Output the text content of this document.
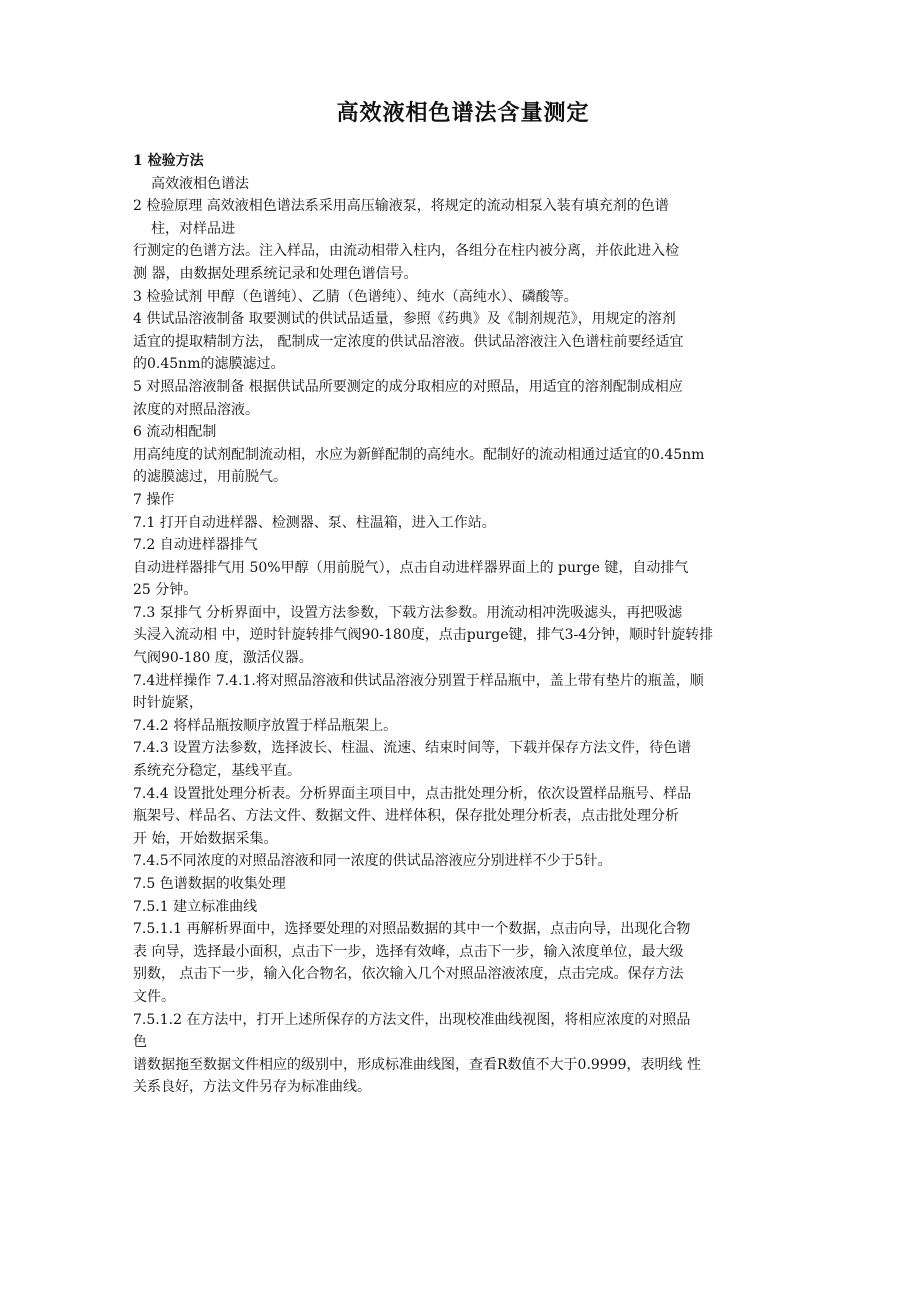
高效液相色谱法含量测定

1 检验方法

高效液相色谱法

2 检验原理 高效液相色谱法系采用高压输液泵，将规定的流动相泵入装有填充剂的色谱

柱，对样品进

行测定的色谱方法。注入样品，由流动相带入柱内，各组分在柱内被分离，并依此进入检

测 器，由数据处理系统记录和处理色谱信号。

3 检验试剂 甲醇（色谱纯）、乙腈（色谱纯）、纯水（高纯水）、磷酸等。

4 供试品溶液制备 取要测试的供试品适量，参照《药典》及《制剂规范》，用规定的溶剂

适宜的提取精制方法， 配制成一定浓度的供试品溶液。供试品溶液注入色谱柱前要经适宜

的0.45nm的滤膜滤过。

5 对照品溶液制备 根据供试品所要测定的成分取相应的对照品，用适宜的溶剂配制成相应

浓度的对照品溶液。

6 流动相配制

用高纯度的试剂配制流动相，水应为新鲜配制的高纯水。配制好的流动相通过适宜的0.45nm

的滤膜滤过，用前脱气。

7 操作

7.1 打开自动进样器、检测器、泵、柱温箱，进入工作站。

7.2 自动进样器排气

自动进样器排气用 50%甲醇（用前脱气），点击自动进样器界面上的 purge 键，自动排气

25 分钟。

7.3 泵排气 分析界面中，设置方法参数，下载方法参数。用流动相冲洗吸滤头，再把吸滤

头浸入流动相 中，逆时针旋转排气阀90-180度，点击purge键，排气3-4分钟，顺时针旋转排

气阀90-180 度，激活仪器。

7.4进样操作 7.4.1.将对照品溶液和供试品溶液分别置于样品瓶中，盖上带有垫片的瓶盖，顺

时针旋紧，

7.4.2 将样品瓶按顺序放置于样品瓶架上。

7.4.3 设置方法参数，选择波长、柱温、流速、结束时间等，下载并保存方法文件，待色谱

系统充分稳定，基线平直。

7.4.4 设置批处理分析表。分析界面主项目中，点击批处理分析，依次设置样品瓶号、样品

瓶架号、样品名、方法文件、数据文件、进样体积，保存批处理分析表，点击批处理分析

开 始，开始数据采集。

7.4.5不同浓度的对照品溶液和同一浓度的供试品溶液应分别进样不少于5针。

7.5 色谱数据的收集处理

7.5.1 建立标准曲线

7.5.1.1 再解析界面中，选择要处理的对照品数据的其中一个数据，点击向导，出现化合物

表 向导，选择最小面积，点击下一步，选择有效峰，点击下一步，输入浓度单位，最大级

别数， 点击下一步，输入化合物名，依次输入几个对照品溶液浓度，点击完成。保存方法

文件。

7.5.1.2 在方法中，打开上述所保存的方法文件，出现校准曲线视图，将相应浓度的对照品

色

谱数据拖至数据文件相应的级别中，形成标准曲线图，查看R数值不大于0.9999，表明线 性

关系良好，方法文件另存为标准曲线。
